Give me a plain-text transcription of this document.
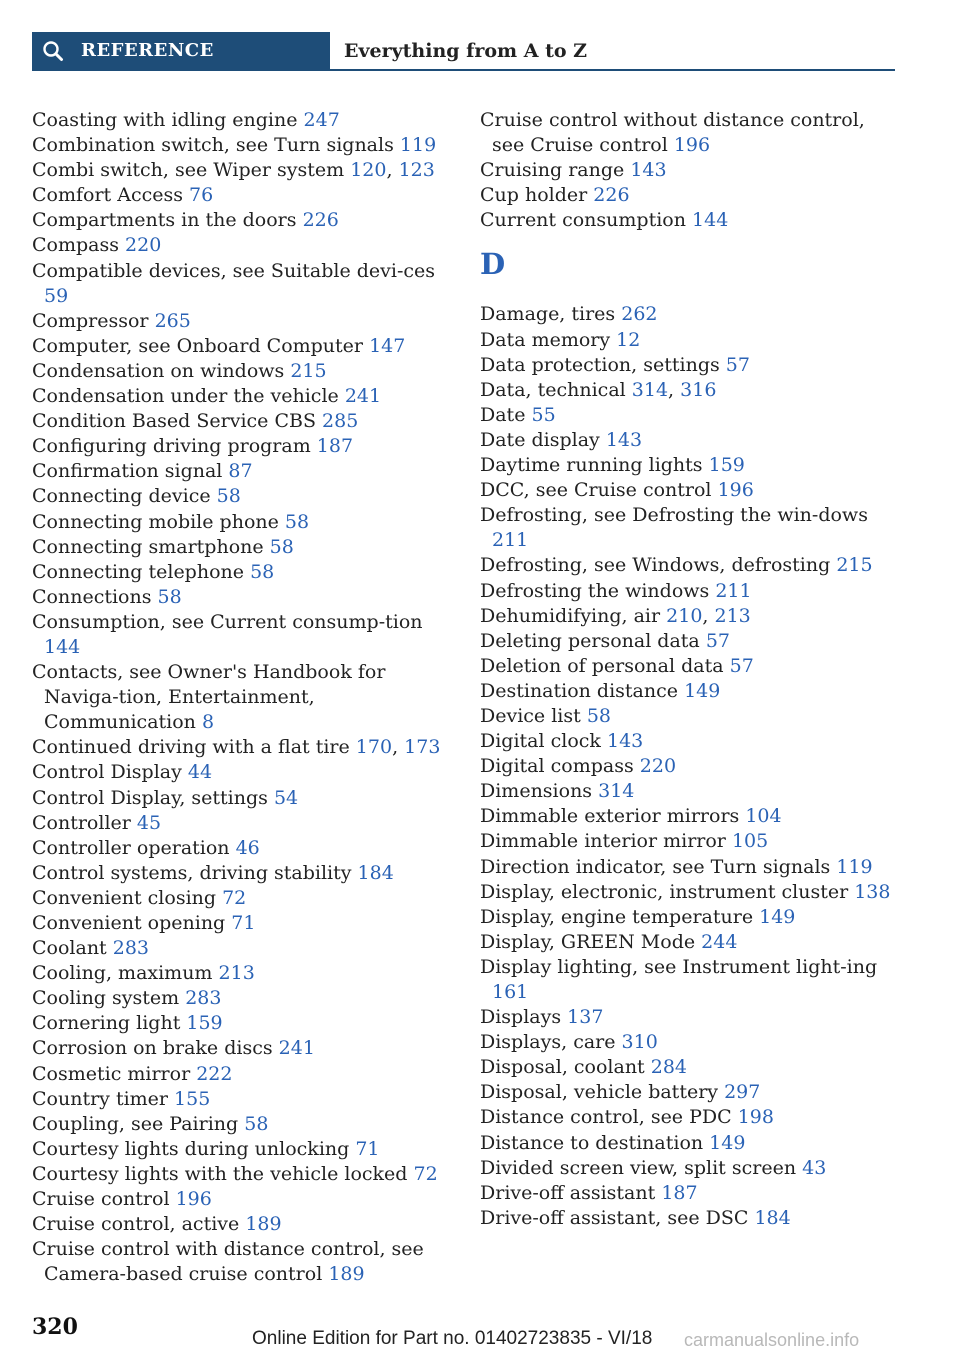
REFERENCE	Everything from A to Z
Coasting with idling engine 247
Combination switch, see Turn signals 119
Combi switch, see Wiper system 120, 123
Comfort Access 76
Compartments in the doors 226
Compass 220
Compatible devices, see Suitable devi-ces 59
Compressor 265
Computer, see Onboard Computer 147
Condensation on windows 215
Condensation under the vehicle 241
Condition Based Service CBS 285
Configuring driving program 187
Confirmation signal 87
Connecting device 58
Connecting mobile phone 58
Connecting smartphone 58
Connecting telephone 58
Connections 58
Consumption, see Current consump-tion 144
Contacts, see Owner's Handbook for Naviga-tion, Entertainment, Communication 8
Continued driving with a flat tire 170, 173
Control Display 44
Control Display, settings 54
Controller 45
Controller operation 46
Control systems, driving stability 184
Convenient closing 72
Convenient opening 71
Coolant 283
Cooling, maximum 213
Cooling system 283
Cornering light 159
Corrosion on brake discs 241
Cosmetic mirror 222
Country timer 155
Coupling, see Pairing 58
Courtesy lights during unlocking 71
Courtesy lights with the vehicle locked 72
Cruise control 196
Cruise control, active 189
Cruise control with distance control, see Camera-based cruise control 189
Cruise control without distance control, see Cruise control 196
Cruising range 143
Cup holder 226
Current consumption 144
D
Damage, tires 262
Data memory 12
Data protection, settings 57
Data, technical 314, 316
Date 55
Date display 143
Daytime running lights 159
DCC, see Cruise control 196
Defrosting, see Defrosting the win-dows 211
Defrosting, see Windows, defrosting 215
Defrosting the windows 211
Dehumidifying, air 210, 213
Deleting personal data 57
Deletion of personal data 57
Destination distance 149
Device list 58
Digital clock 143
Digital compass 220
Dimensions 314
Dimmable exterior mirrors 104
Dimmable interior mirror 105
Direction indicator, see Turn signals 119
Display, electronic, instrument cluster 138
Display, engine temperature 149
Display, GREEN Mode 244
Display lighting, see Instrument light-ing 161
Displays 137
Displays, care 310
Disposal, coolant 284
Disposal, vehicle battery 297
Distance control, see PDC 198
Distance to destination 149
Divided screen view, split screen 43
Drive-off assistant 187
Drive-off assistant, see DSC 184
320	Online Edition for Part no. 01402723835 - VI/18 carmanualsonline.info
